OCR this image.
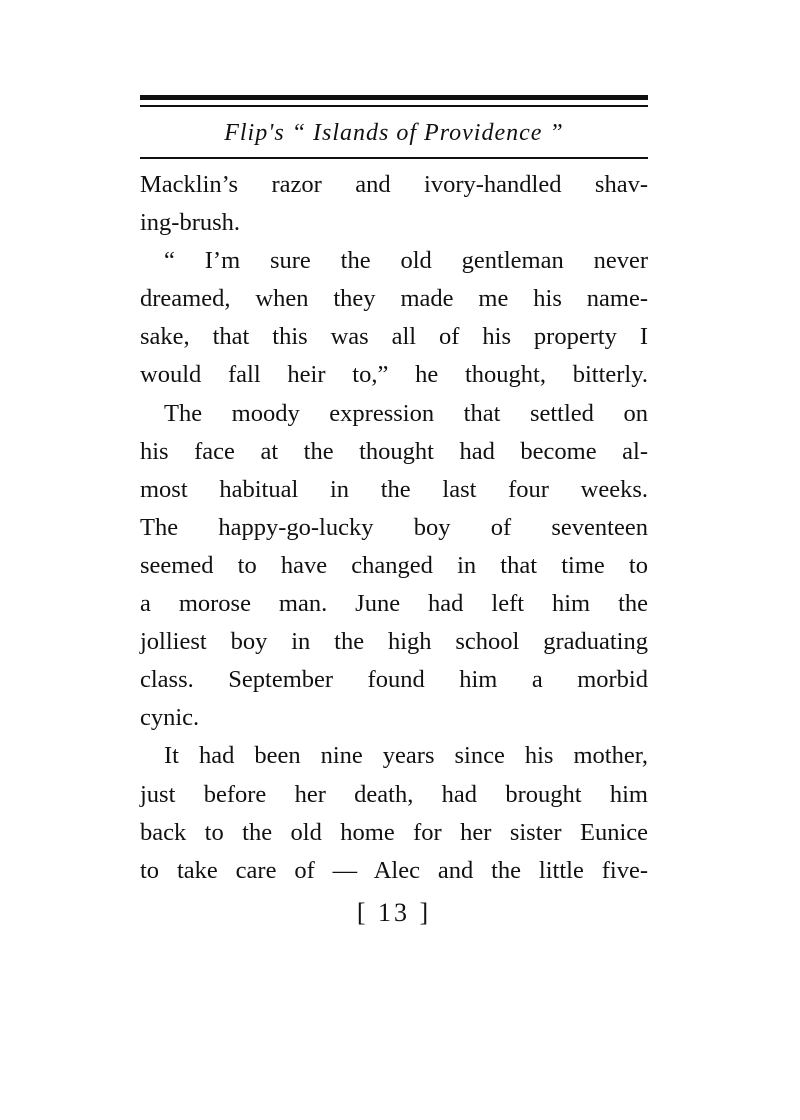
Flip's “ Islands of Providence ”
Macklin’s razor and ivory-handled shav-
ing-brush.
“ I’m sure the old gentleman never
dreamed, when they made me his name-
sake, that this was all of his property I
would fall heir to,” he thought, bitterly.
The moody expression that settled on
his face at the thought had become al-
most habitual in the last four weeks.
The happy-go-lucky boy of seventeen
seemed to have changed in that time to
a morose man. June had left him the
jolliest boy in the high school graduating
class. September found him a morbid
cynic.
It had been nine years since his mother,
just before her death, had brought him
back to the old home for her sister Eunice
to take care of — Alec and the little five-
[ 13 ]
